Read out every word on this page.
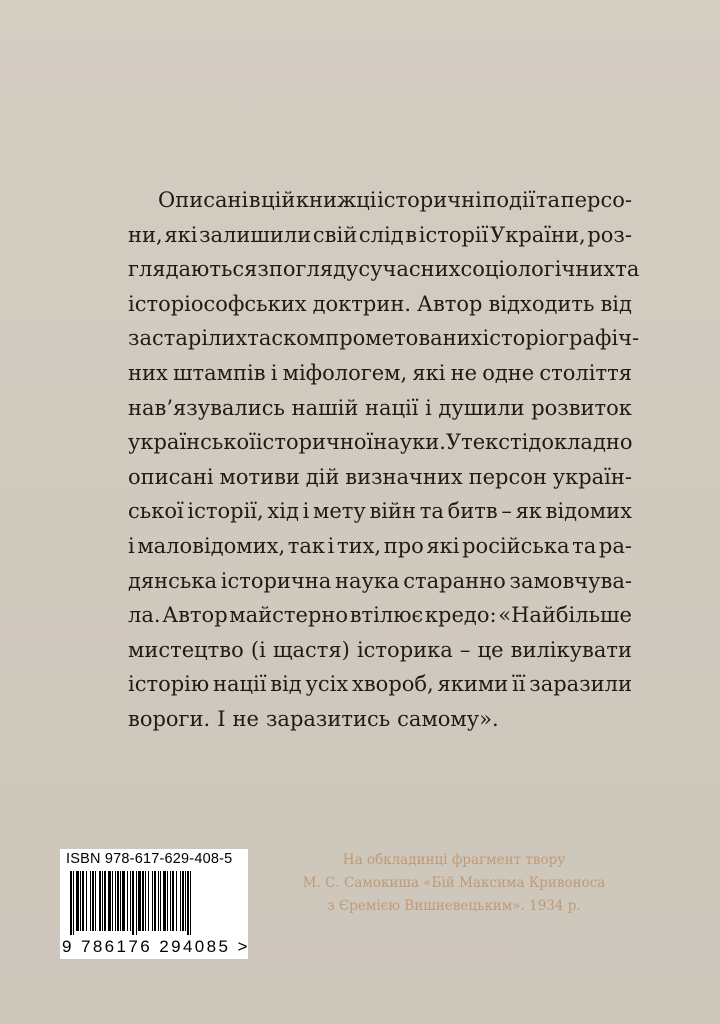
Описані в цій книжці історичні події та персо-
ни, які залишили свій слід в історії України, роз-
глядаються з погляду сучасних соціологічних та
історіософських доктрин. Автор відходить від
застарілих та скомпрометованих історіографіч-
них штампів і міфологем, які не одне століття
нав’язувались нашій нації і душили розвиток
української історичної науки. У тексті докладно
описані мотиви дій визначних персон україн-
ської історії, хід і мету війн та битв – як відомих
і маловідомих, так і тих, про які російська та ра-
дянська історична наука старанно замовчува-
ла. Автор майстерно втілює кредо: «Найбільше
мистецтво (і щастя) історика – це вилікувати
історію нації від усіх хвороб, якими її заразили
вороги. І не заразитись самому».
ISBN 978-617-629-408-5
9 786176 294085 >
На обкладинці фрагмент твору
М. С. Самокиша «Бій Максима Кривоноса
з Єремією Вишневецьким». 1934 р.
